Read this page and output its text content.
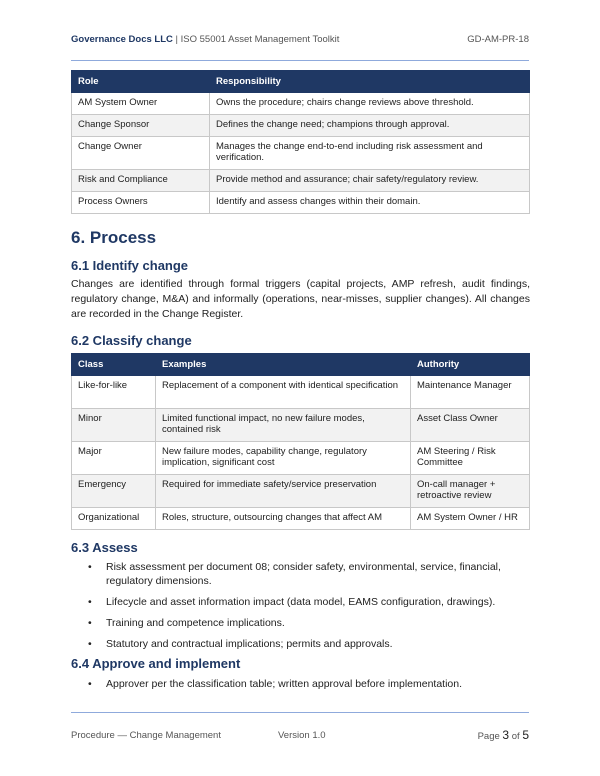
Governance Docs LLC | ISO 55001 Asset Management Toolkit	GD-AM-PR-18
Role	Responsibility
AM System Owner	Owns the procedure; chairs change reviews above threshold.
Change Sponsor	Defines the change need; champions through approval.
Change Owner	Manages the change end-to-end including risk assessment and verification.
Risk and Compliance	Provide method and assurance; chair safety/regulatory review.
Process Owners	Identify and assess changes within their domain.
6. Process
6.1 Identify change

Changes are identified through formal triggers (capital projects, AMP refresh, audit findings, regulatory change, M&A) and informally (operations, near-misses, supplier changes). All changes are recorded in the Change Register.

6.2 Classify change
Class	Examples	Authority
Like-for-like	Replacement of a component with identical specification	Maintenance Manager
Minor	Limited functional impact, no new failure modes, contained risk	Asset Class Owner
Major	New failure modes, capability change, regulatory implication, significant cost	AM Steering / Risk Committee
Emergency	Required for immediate safety/service preservation	On-call manager + retroactive review
Organizational	Roles, structure, outsourcing changes that affect AM	AM System Owner / HR
6.3 Assess
• Risk assessment per document 08; consider safety, environmental, service, financial, regulatory dimensions.
• Lifecycle and asset information impact (data model, EAMS configuration, drawings).
• Training and competence implications.
• Statutory and contractual implications; permits and approvals.
6.4 Approve and implement
• Approver per the classification table; written approval before implementation.
Procedure — Change Management	Version 1.0	Page 3 of 5
